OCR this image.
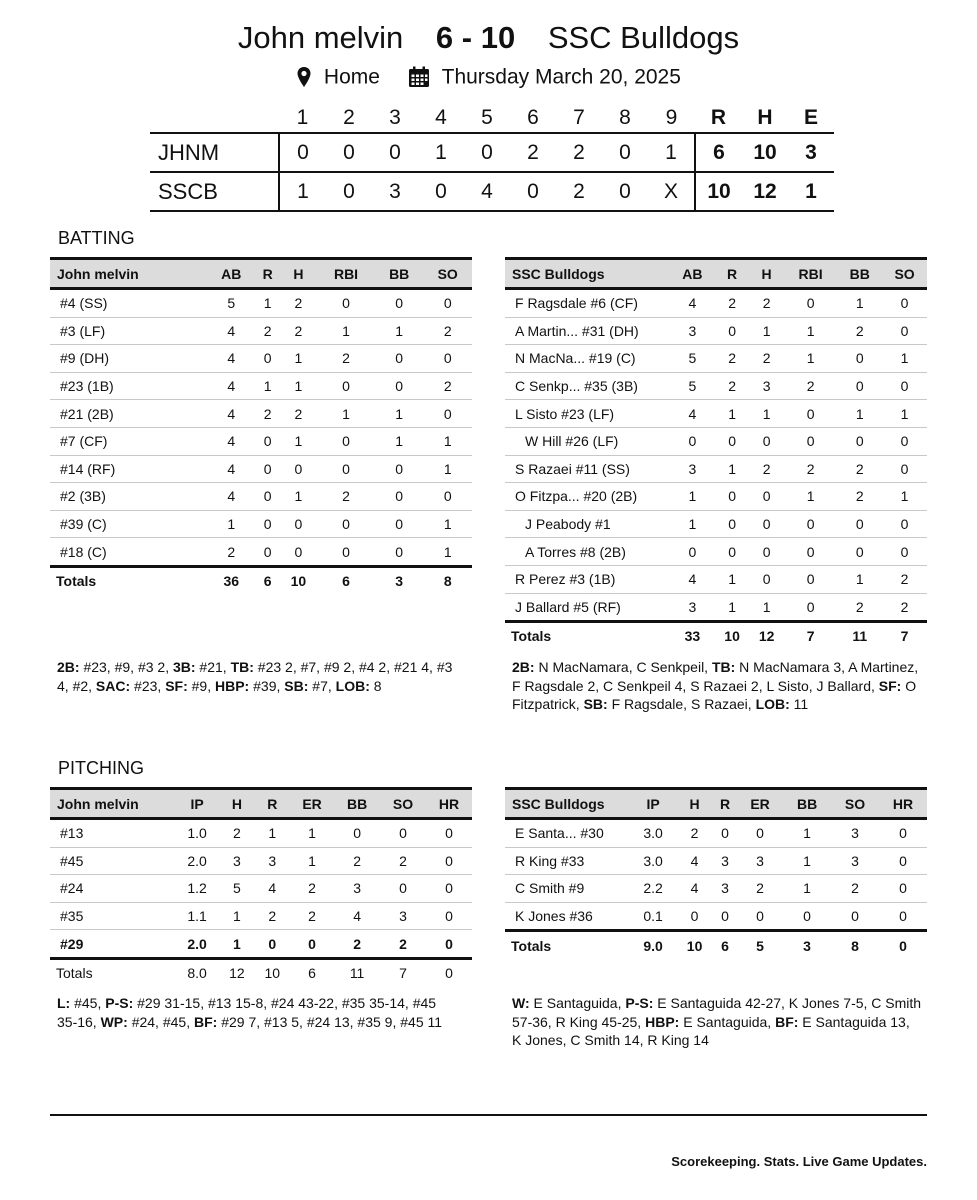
John melvin 6 - 10 SSC Bulldogs
Home	Thursday March 20, 2025
	1	2	3	4	5	6	7	8	9	R	H	E
JHNM	0	0	0	1	0	2	2	0	1	6	10	3
SSCB	1	0	3	0	4	0	2	0	X	10	12	1
BATTING
John melvin	AB	R	H	RBI	BB	SO
#4 (SS)	5	1	2	0	0	0
#3 (LF)	4	2	2	1	1	2
#9 (DH)	4	0	1	2	0	0
#23 (1B)	4	1	1	0	0	2
#21 (2B)	4	2	2	1	1	0
#7 (CF)	4	0	1	0	1	1
#14 (RF)	4	0	0	0	0	1
#2 (3B)	4	0	1	2	0	0
#39 (C)	1	0	0	0	0	1
#18 (C)	2	0	0	0	0	1
Totals	36	6	10	6	3	8
SSC Bulldogs	AB	R	H	RBI	BB	SO
F Ragsdale #6 (CF)	4	2	2	0	1	0
A Martin... #31 (DH)	3	0	1	1	2	0
N MacNa... #19 (C)	5	2	2	1	0	1
C Senkp... #35 (3B)	5	2	3	2	0	0
L Sisto #23 (LF)	4	1	1	0	1	1
W Hill #26 (LF)	0	0	0	0	0	0
S Razaei #11 (SS)	3	1	2	2	2	0
O Fitzpa... #20 (2B)	1	0	0	1	2	1
J Peabody #1	1	0	0	0	0	0
A Torres #8 (2B)	0	0	0	0	0	0
R Perez #3 (1B)	4	1	0	0	1	2
J Ballard #5 (RF)	3	1	1	0	2	2
Totals	33	10	12	7	11	7
2B: #23, #9, #3 2, 3B: #21, TB: #23 2, #7, #9 2, #4 2, #21 4, #3 4, #2, SAC: #23, SF: #9, HBP: #39, SB: #7, LOB: 8
2B: N MacNamara, C Senkpeil, TB: N MacNamara 3, A Martinez, F Ragsdale 2, C Senkpeil 4, S Razaei 2, L Sisto, J Ballard, SF: O Fitzpatrick, SB: F Ragsdale, S Razaei, LOB: 11
PITCHING
John melvin	IP	H	R	ER	BB	SO	HR
#13	1.0	2	1	1	0	0	0
#45	2.0	3	3	1	2	2	0
#24	1.2	5	4	2	3	0	0
#35	1.1	1	2	2	4	3	0
#29	2.0	1	0	0	2	2	0
Totals	8.0	12	10	6	11	7	0
SSC Bulldogs	IP	H	R	ER	BB	SO	HR
E Santa... #30	3.0	2	0	0	1	3	0
R King #33	3.0	4	3	3	1	3	0
C Smith #9	2.2	4	3	2	1	2	0
K Jones #36	0.1	0	0	0	0	0	0
Totals	9.0	10	6	5	3	8	0
L: #45, P-S: #29 31-15, #13 15-8, #24 43-22, #35 35-14, #45 35-16, WP: #24, #45, BF: #29 7, #13 5, #24 13, #35 9, #45 11
W: E Santaguida, P-S: E Santaguida 42-27, K Jones 7-5, C Smith 57-36, R King 45-25, HBP: E Santaguida, BF: E Santaguida 13, K Jones, C Smith 14, R King 14
Scorekeeping. Stats. Live Game Updates.
